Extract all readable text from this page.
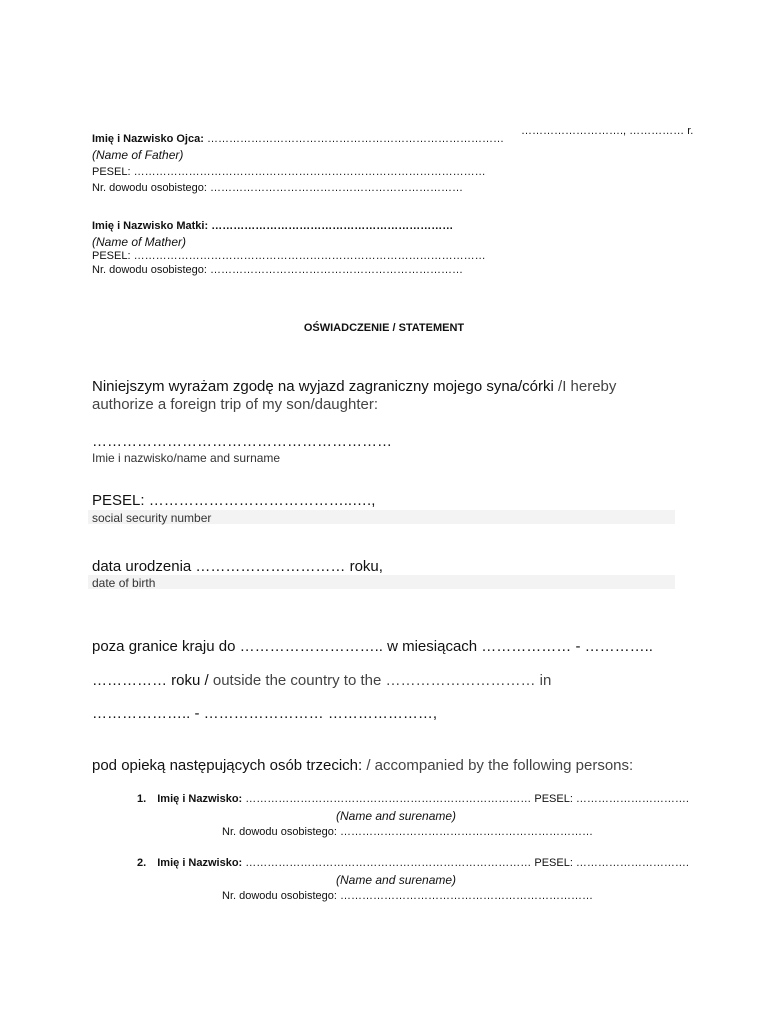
………………………., …………… r.
Imię i Nazwisko Ojca: ………………………………………………………………………
(Name of Father)
PESEL: ……………………………………………………………………………………
Nr. dowodu osobistego: ……………………………………………………………
Imię i Nazwisko Matki: …………………………………………………………
(Name of Mather)
PESEL: ……………………………………………………………………………………
Nr. dowodu osobistego: ……………………………………………………………
OŚWIADCZENIE / STATEMENT
Niniejszym wyrażam zgodę na wyjazd zagraniczny mojego syna/córki /I hereby
authorize a foreign trip of my son/daughter:
……………………………………………………
Imie i nazwisko/name and surname
PESEL: …………………………………..….,
social security number
data urodzenia ………………………… roku,
date of birth
poza granice kraju do ……………………….. w miesiącach ……………… - …………..
…………… roku / outside the country to the ………………………… in
……………….. - …………………… …………………,
pod opieką następujących osób trzecich: / accompanied by the following persons:
1. Imię i Nazwisko: …………………………………………………………………… PESEL: ………………………….
(Name and surename)
Nr. dowodu osobistego: ……………………………………………………………
2. Imię i Nazwisko: …………………………………………………………………… PESEL: ………………………….
(Name and surename)
Nr. dowodu osobistego: ……………………………………………………………
